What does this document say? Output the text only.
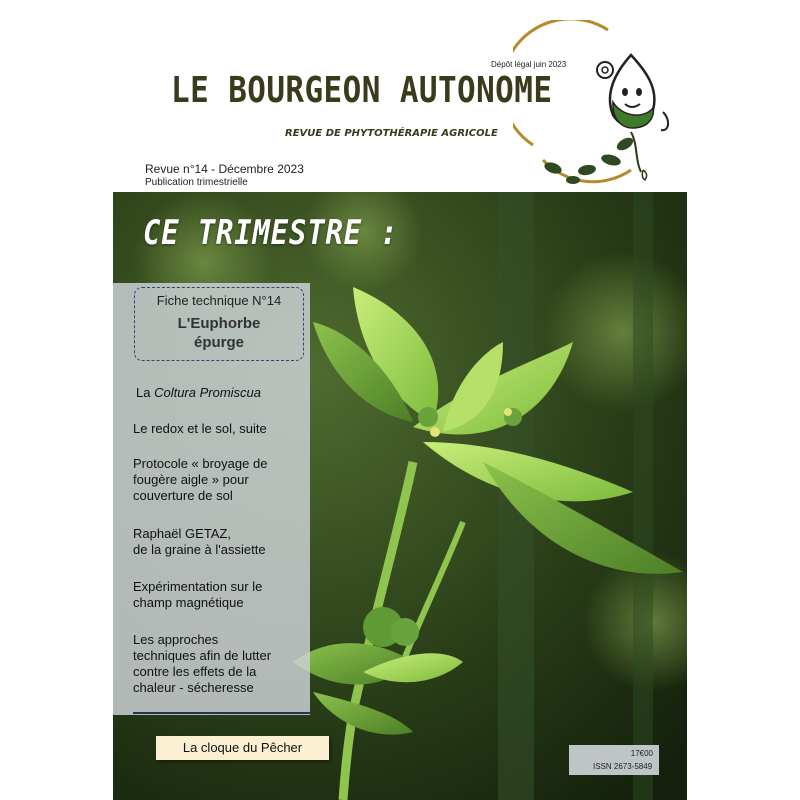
Dépôt légal juin 2023
LE BOURGEON AUTONOME
REVUE DE PHYTOTHÉRAPIE AGRICOLE
Revue n°14 - Décembre 2023
Publication trimestrielle
CE TRIMESTRE :
Fiche technique N°14
L'Euphorbe
épurge
La Coltura Promiscua
Le redox et le sol, suite
Protocole « broyage de
fougère aigle » pour
couverture de sol
Raphaël GETAZ,
de la graine à l'assiette
Expérimentation sur le
champ magnétique
Les approches
techniques afin de lutter
contre les effets de la
chaleur - sécheresse
La cloque du Pêcher	17€00
ISSN 2673-5849
